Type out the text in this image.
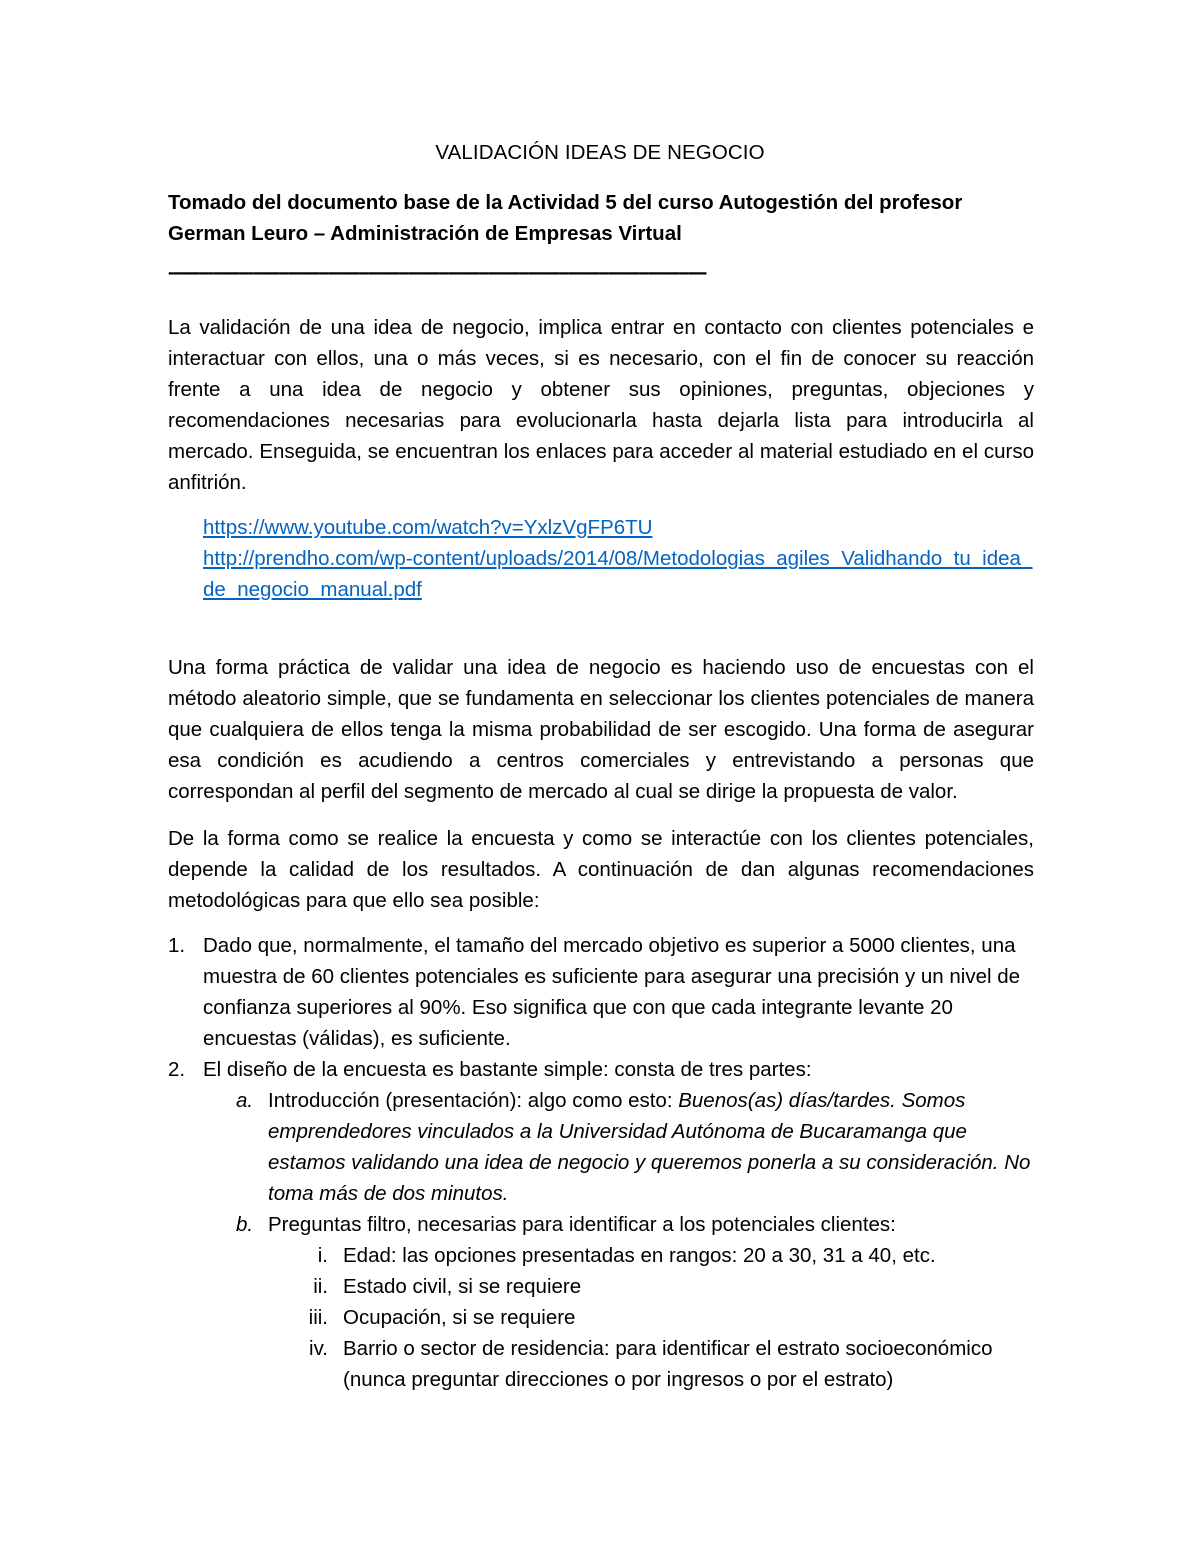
VALIDACIÓN IDEAS DE NEGOCIO
Tomado del documento base de la Actividad 5 del curso Autogestión del profesor German Leuro – Administración de Empresas Virtual
-------------------------------------------------------------------------------------------------------------------------
La validación de una idea de negocio, implica entrar en contacto con clientes potenciales e interactuar con ellos, una o más veces, si es necesario, con el fin de conocer su reacción frente a una idea de negocio y obtener sus opiniones, preguntas, objeciones y recomendaciones necesarias para evolucionarla hasta dejarla lista para introducirla al mercado. Enseguida, se encuentran los enlaces para acceder al material estudiado en el curso anfitrión.
https://www.youtube.com/watch?v=YxlzVgFP6TU
http://prendho.com/wp-content/uploads/2014/08/Metodologias_agiles_Validhando_tu_idea_de_negocio_manual.pdf
Una forma práctica de validar una idea de negocio es haciendo uso de encuestas con el método aleatorio simple, que se fundamenta en seleccionar los clientes potenciales de manera que cualquiera de ellos tenga la misma probabilidad de ser escogido. Una forma de asegurar esa condición es acudiendo a centros comerciales y entrevistando a personas que correspondan al perfil del segmento de mercado al cual se dirige la propuesta de valor.
De la forma como se realice la encuesta y como se interactúe con los clientes potenciales, depende la calidad de los resultados. A continuación de dan algunas recomendaciones metodológicas para que ello sea posible:
1. Dado que, normalmente, el tamaño del mercado objetivo es superior a 5000 clientes, una muestra de 60 clientes potenciales es suficiente para asegurar una precisión y un nivel de confianza superiores al 90%. Eso significa que con que cada integrante levante 20 encuestas (válidas), es suficiente.
2. El diseño de la encuesta es bastante simple: consta de tres partes:
a. Introducción (presentación): algo como esto: Buenos(as) días/tardes. Somos emprendedores vinculados a la Universidad Autónoma de Bucaramanga que estamos validando una idea de negocio y queremos ponerla a su consideración. No toma más de dos minutos.
b. Preguntas filtro, necesarias para identificar a los potenciales clientes:
i. Edad: las opciones presentadas en rangos: 20 a 30, 31 a 40, etc.
ii. Estado civil, si se requiere
iii. Ocupación, si se requiere
iv. Barrio o sector de residencia: para identificar el estrato socioeconómico (nunca preguntar direcciones o por ingresos o por el estrato)
